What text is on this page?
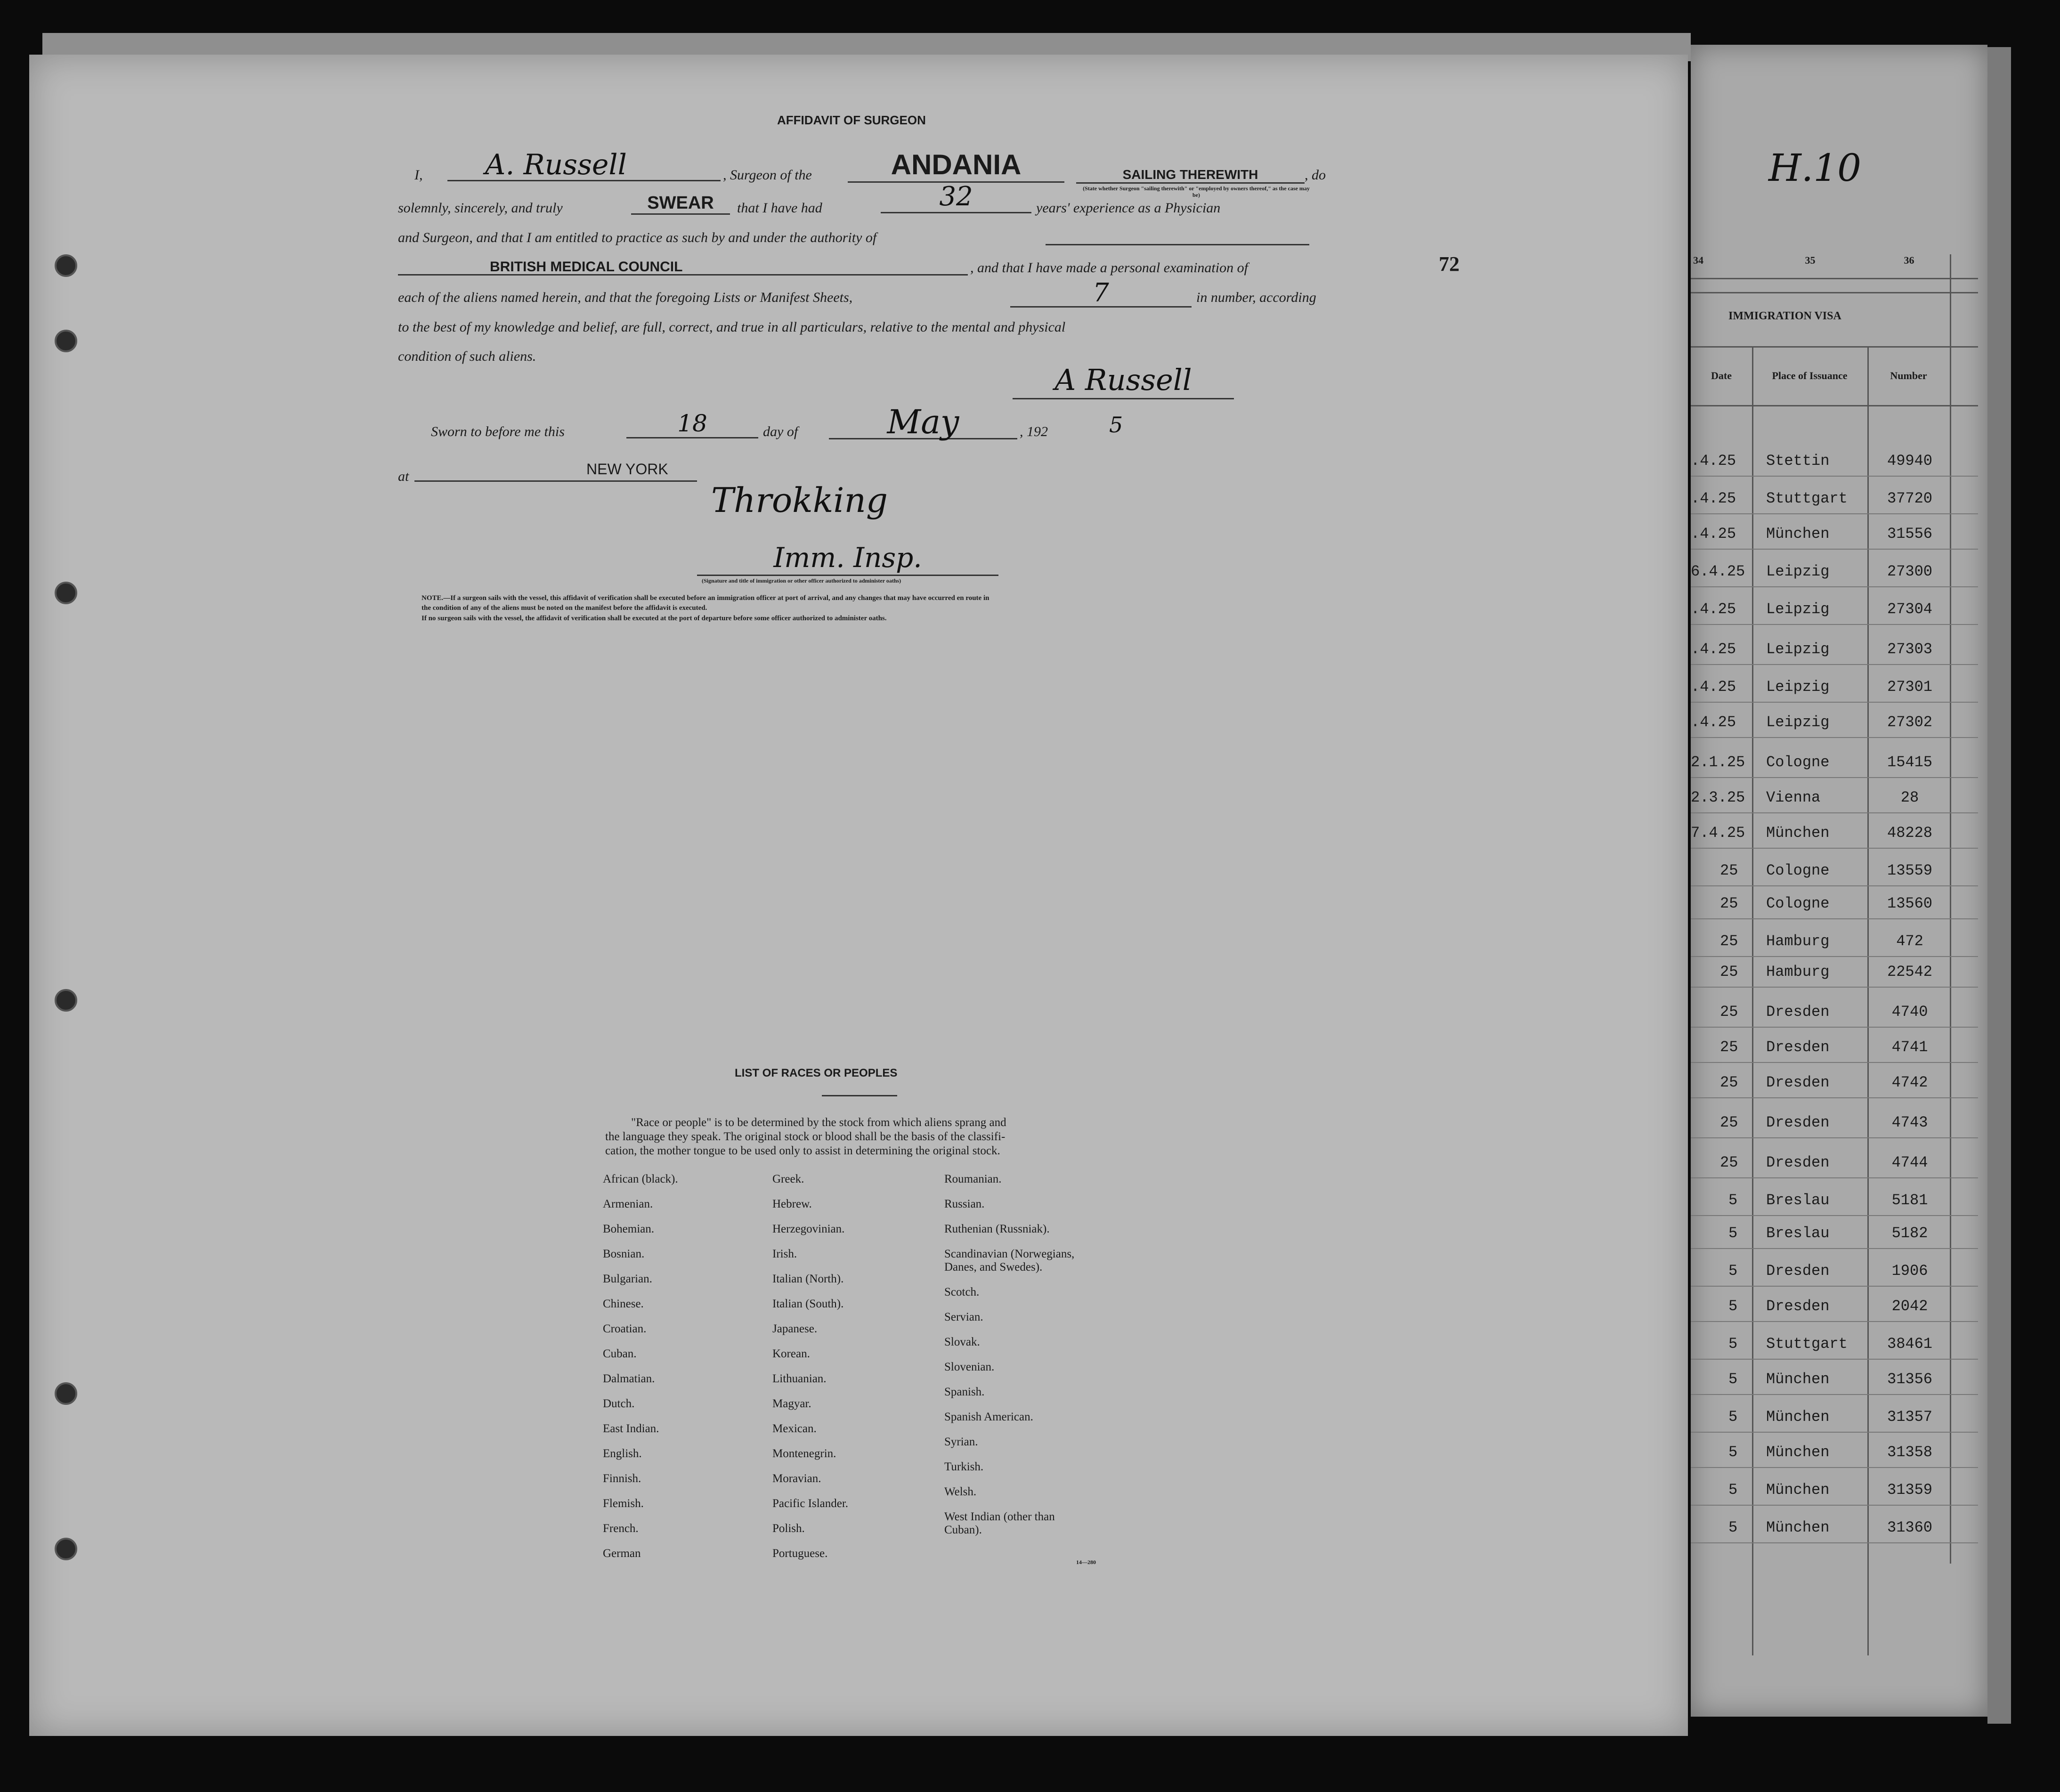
AFFIDAVIT OF SURGEON
I,	A. Russell	, Surgeon of the	ANDANIA	SAILING THEREWITH	, do
(State whether Surgeon "sailing therewith" or "employed by owners thereof," as the case may be)
solemnly, sincerely, and truly	SWEAR	that I have had	32	years' experience as a Physician
and Surgeon, and that I am entitled to practice as such by and under the authority of
BRITISH MEDICAL COUNCIL	, and that I have made a personal examination of	72
each of the aliens named herein, and that the foregoing Lists or Manifest Sheets,	7	in number, according
to the best of my knowledge and belief, are full, correct, and true in all particulars, relative to the mental and physical
condition of such aliens.
A Russell
Sworn to before me this	18	day of	May	, 192	5
at	NEW YORK
Throkking
Imm. Insp.
(Signature and title of immigration or other officer authorized to administer oaths)
NOTE.—If a surgeon sails with the vessel, this affidavit of verification shall be executed before an immigration officer at port of arrival, and any changes that may have occurred en route in
the condition of any of the aliens must be noted on the manifest before the affidavit is executed.
If no surgeon sails with the vessel, the affidavit of verification shall be executed at the port of departure before some officer authorized to administer oaths.
LIST OF RACES OR PEOPLES
"Race or people" is to be determined by the stock from which aliens sprang and
the language they speak. The original stock or blood shall be the basis of the classifi-
cation, the mother tongue to be used only to assist in determining the original stock.
African (black).
Armenian.
Bohemian.
Bosnian.
Bulgarian.
Chinese.
Croatian.
Cuban.
Dalmatian.
Dutch.
East Indian.
English.
Finnish.
Flemish.
French.
German
Greek.
Hebrew.
Herzegovinian.
Irish.
Italian (North).
Italian (South).
Japanese.
Korean.
Lithuanian.
Magyar.
Mexican.
Montenegrin.
Moravian.
Pacific Islander.
Polish.
Portuguese.
Roumanian.
Russian.
Ruthenian (Russniak).
Scandinavian (Norwegians,
Danes, and Swedes).
Scotch.
Servian.
Slovak.
Slovenian.
Spanish.
Spanish American.
Syrian.
Turkish.
Welsh.
West Indian (other than
Cuban).
14—280
H.10
34	35	36
IMMIGRATION VISA
Date	Place of Issuance	Number
.4.25 Stettin	49940
.4.25 Stuttgart	37720
.4.25 München	31556
6.4.25 Leipzig	27300
.4.25 Leipzig	27304
.4.25 Leipzig	27303
.4.25 Leipzig	27301
.4.25 Leipzig	27302
2.1.25 Cologne	15415
2.3.25 Vienna	28
7.4.25 München	48228
25 Cologne	13559
25 Cologne	13560
25 Hamburg	472
25 Hamburg	22542
25 Dresden	4740
25 Dresden	4741
25 Dresden	4742
25 Dresden	4743
25 Dresden	4744
5 Breslau	5181
5 Breslau	5182
5 Dresden	1906
5 Dresden	2042
5 Stuttgart	38461
5 München	31356
5 München	31357
5 München	31358
5 München	31359
5 München	31360
